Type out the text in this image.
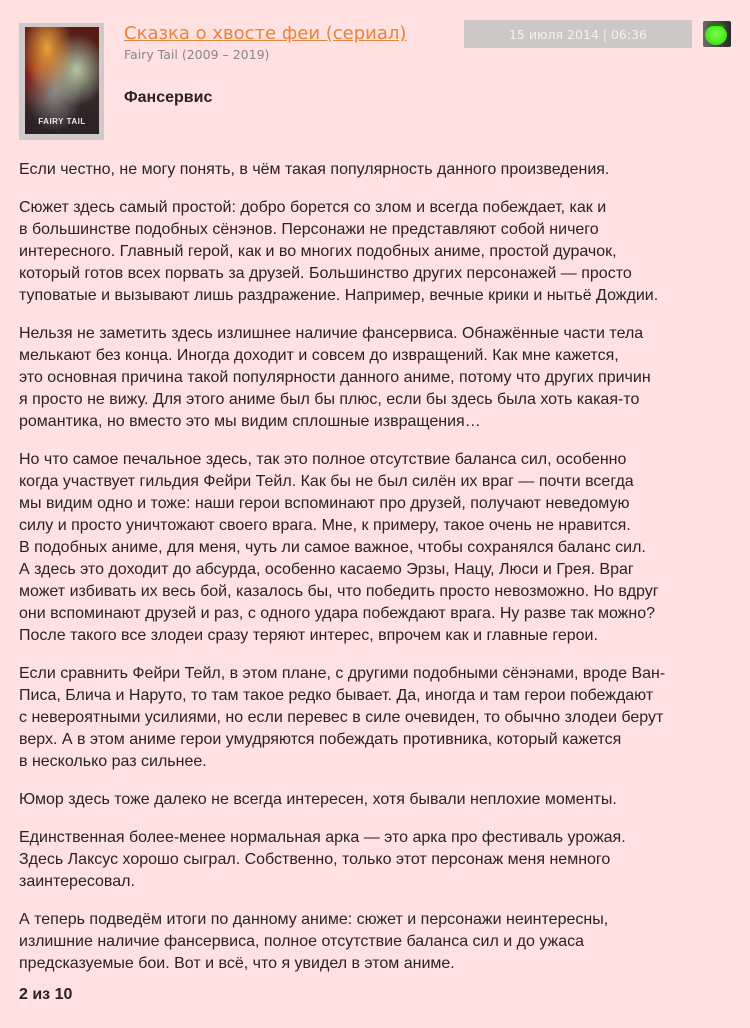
FAIRY TAIL
Сказка о хвосте феи (сериал)
Fairy Tail (2009 – 2019)
15 июля 2014 | 06:36
Фансервис

Если честно, не могу понять, в чём такая популярность данного произведения.

Сюжет здесь самый простой: добро борется со злом и всегда побеждает, как и
в большинстве подобных сёнэнов. Персонажи не представляют собой ничего
интересного. Главный герой, как и во многих подобных аниме, простой дурачок,
который готов всех порвать за друзей. Большинство других персонажей — просто
туповатые и вызывают лишь раздражение. Например, вечные крики и нытьё Дождии.

Нельзя не заметить здесь излишнее наличие фансервиса. Обнажённые части тела
мелькают без конца. Иногда доходит и совсем до извращений. Как мне кажется,
это основная причина такой популярности данного аниме, потому что других причин
я просто не вижу. Для этого аниме был бы плюс, если бы здесь была хоть какая-то
романтика, но вместо это мы видим сплошные извращения…

Но что самое печальное здесь, так это полное отсутствие баланса сил, особенно
когда участвует гильдия Фейри Тейл. Как бы не был силён их враг — почти всегда
мы видим одно и тоже: наши герои вспоминают про друзей, получают неведомую
силу и просто уничтожают своего врага. Мне, к примеру, такое очень не нравится.
В подобных аниме, для меня, чуть ли самое важное, чтобы сохранялся баланс сил.
А здесь это доходит до абсурда, особенно касаемо Эрзы, Нацу, Люси и Грея. Враг
может избивать их весь бой, казалось бы, что победить просто невозможно. Но вдруг
они вспоминают друзей и раз, с одного удара побеждают врага. Ну разве так можно?
После такого все злодеи сразу теряют интерес, впрочем как и главные герои.

Если сравнить Фейри Тейл, в этом плане, с другими подобными сёнэнами, вроде Ван-
Писа, Блича и Наруто, то там такое редко бывает. Да, иногда и там герои побеждают
с невероятными усилиями, но если перевес в силе очевиден, то обычно злодеи берут
верх. А в этом аниме герои умудряются побеждать противника, который кажется
в несколько раз сильнее.

Юмор здесь тоже далеко не всегда интересен, хотя бывали неплохие моменты.

Единственная более-менее нормальная арка — это арка про фестиваль урожая.
Здесь Лаксус хорошо сыграл. Собственно, только этот персонаж меня немного
заинтересовал.

А теперь подведём итоги по данному аниме: сюжет и персонажи неинтересны,
излишние наличие фансервиса, полное отсутствие баланса сил и до ужаса
предсказуемые бои. Вот и всё, что я увидел в этом аниме.

2 из 10
